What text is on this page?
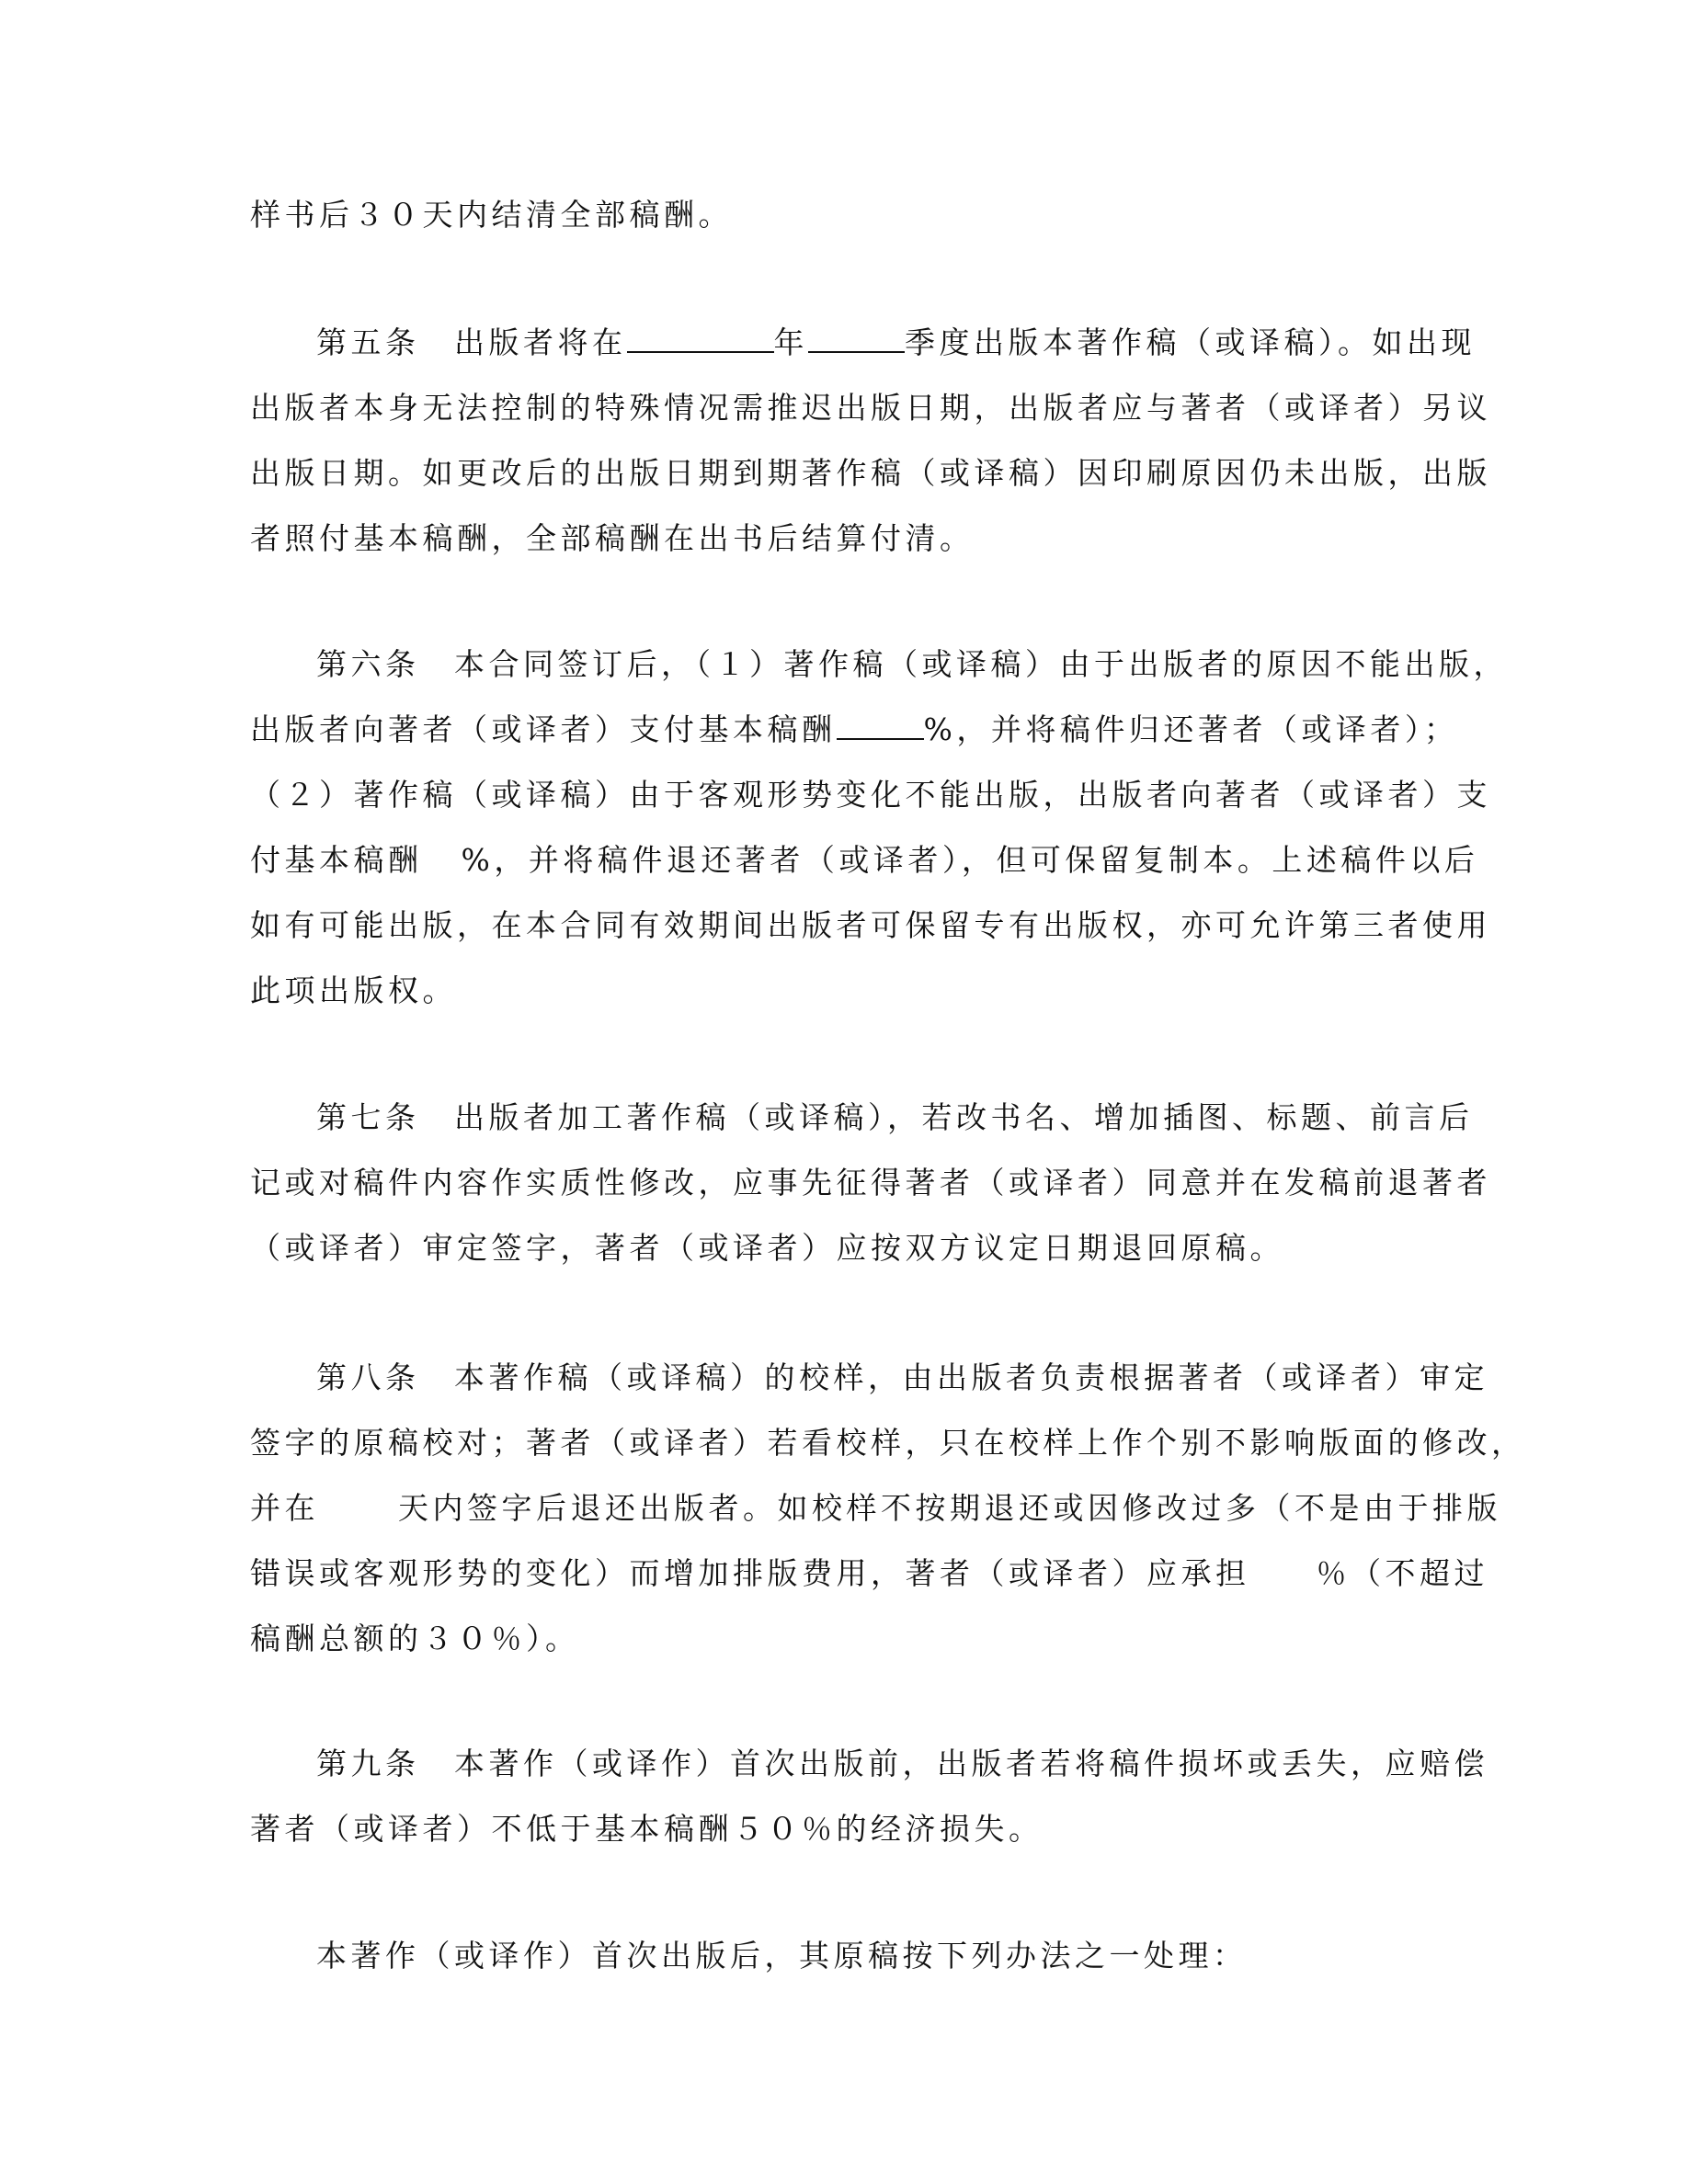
样书后３０天内结清全部稿酬。

第五条　出版者将在	年	季度出版本著作稿（或译稿）。如出现
出版者本身无法控制的特殊情况需推迟出版日期，出版者应与著者（或译者）另议
出版日期。如更改后的出版日期到期著作稿（或译稿）因印刷原因仍未出版，出版
者照付基本稿酬，全部稿酬在出书后结算付清。

第六条　本合同签订后，（１）著作稿（或译稿）由于出版者的原因不能出版，
出版者向著者（或译者）支付基本稿酬	%，并将稿件归还著者（或译者）；
（２）著作稿（或译稿）由于客观形势变化不能出版，出版者向著者（或译者）支
付基本稿酬 %，并将稿件退还著者（或译者），但可保留复制本。上述稿件以后
如有可能出版，在本合同有效期间出版者可保留专有出版权，亦可允许第三者使用
此项出版权。

第七条　出版者加工著作稿（或译稿），若改书名、增加插图、标题、前言后
记或对稿件内容作实质性修改，应事先征得著者（或译者）同意并在发稿前退著者
（或译者）审定签字，著者（或译者）应按双方议定日期退回原稿。

第八条　本著作稿（或译稿）的校样，由出版者负责根据著者（或译者）审定
签字的原稿校对；著者（或译者）若看校样，只在校样上作个别不影响版面的修改，
并在	天内签字后退还出版者。如校样不按期退还或因修改过多（不是由于排版
错误或客观形势的变化）而增加排版费用，著者（或译者）应承担 ％（不超过
稿酬总额的３０％）。

第九条　本著作（或译作）首次出版前，出版者若将稿件损坏或丢失，应赔偿
著者（或译者）不低于基本稿酬５０％的经济损失。

本著作（或译作）首次出版后，其原稿按下列办法之一处理：
